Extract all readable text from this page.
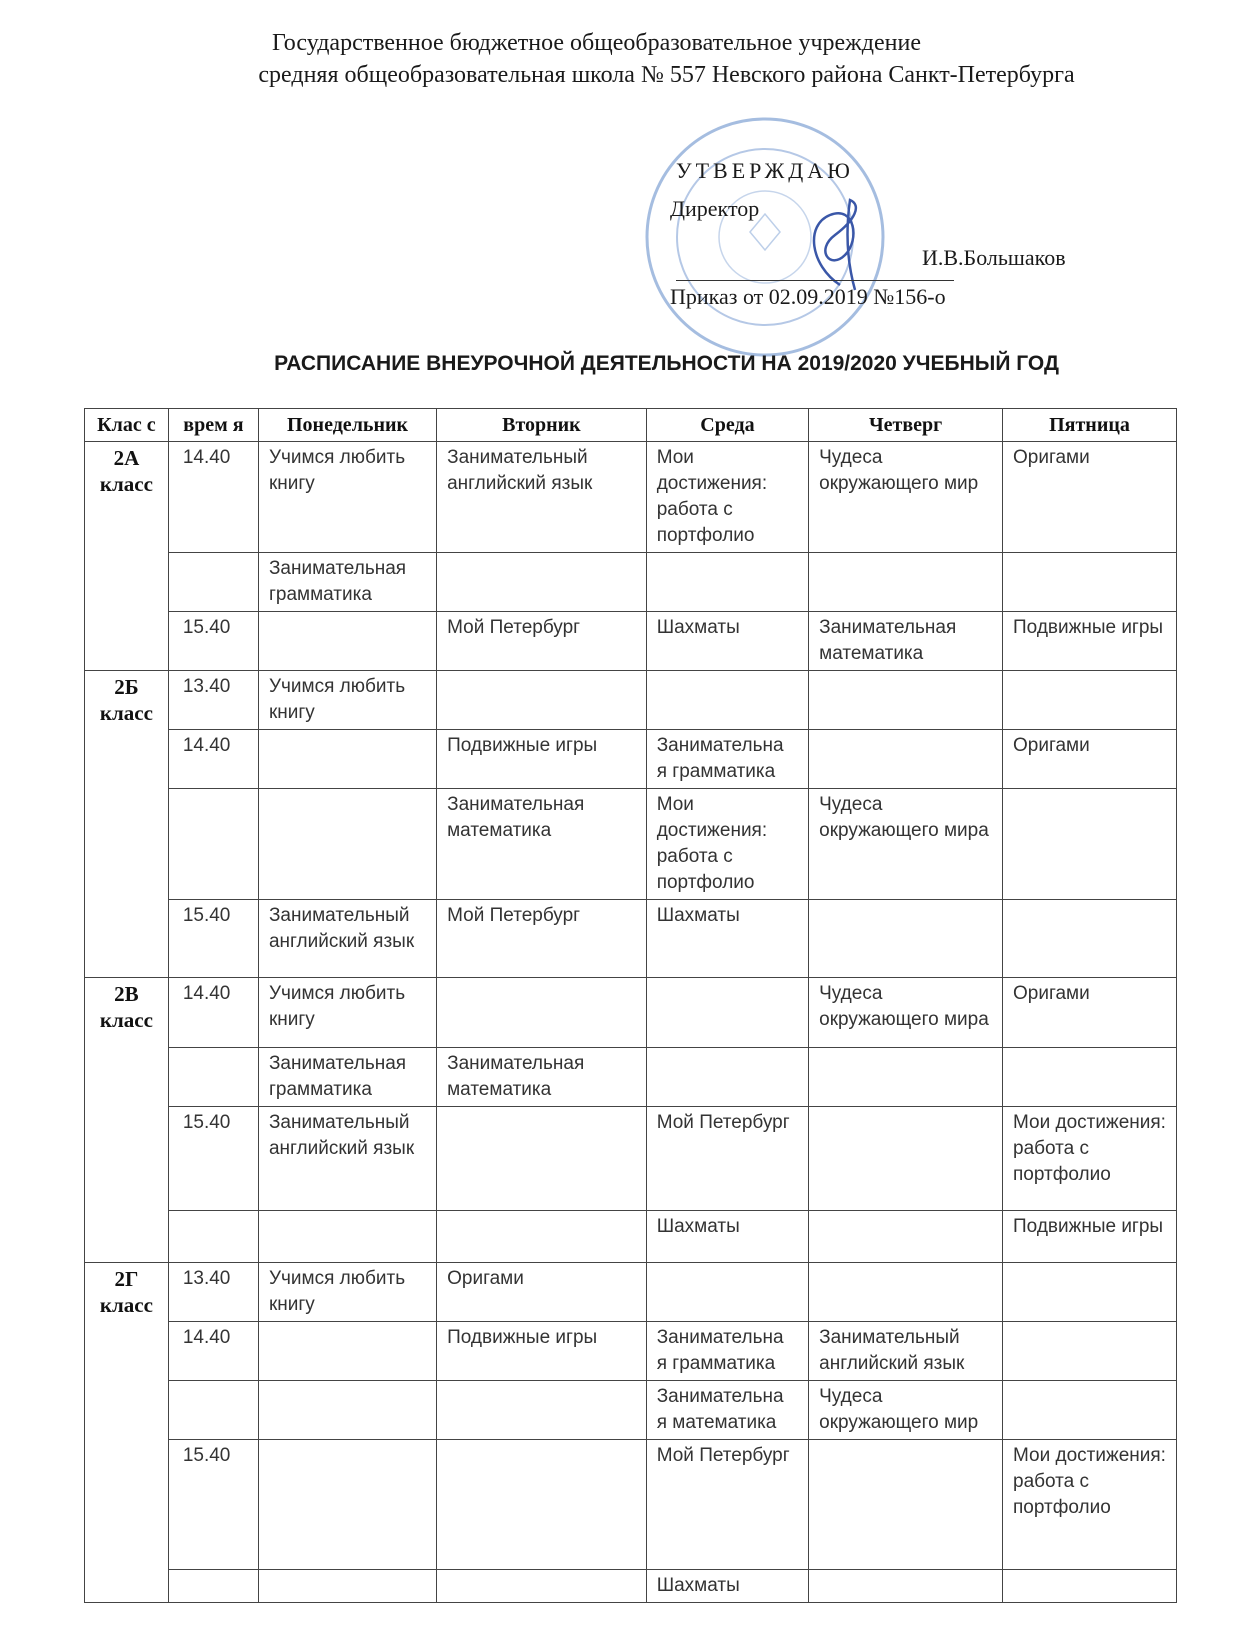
Государственное бюджетное общеобразовательное учреждение
средняя общеобразовательная школа № 557 Невского района Санкт-Петербурга
УТВЕРЖДАЮ
Директор
И.В.Большаков
Приказ от 02.09.2019 №156-о
РАСПИСАНИЕ ВНЕУРОЧНОЙ ДЕЯТЕЛЬНОСТИ НА 2019/2020 УЧЕБНЫЙ ГОД
Клас с	врем я	Понедельник	Вторник	Среда	Четверг	Пятница
2А класс	14.40	Учимся любить книгу	Занимательный английский язык	Мои достижения: работа с портфолио	Чудеса окружающего мир	Оригами
		Занимательная грамматика				
	15.40		Мой Петербург	Шахматы	Занимательная математика	Подвижные игры
2Б класс	13.40	Учимся любить книгу				
	14.40		Подвижные игры	Занимательна я грамматика		Оригами
			Занимательная математика	Мои достижения: работа с портфолио	Чудеса окружающего мира	
	15.40	Занимательный английский язык	Мой Петербург	Шахматы		
2В класс	14.40	Учимся любить книгу			Чудеса окружающего мира	Оригами
		Занимательная грамматика	Занимательная математика			
	15.40	Занимательный английский язык		Мой Петербург		Мои достижения: работа с портфолио
				Шахматы		Подвижные игры
2Г класс	13.40	Учимся любить книгу	Оригами			
	14.40		Подвижные игры	Занимательна я грамматика	Занимательный английский язык	
				Занимательна я математика	Чудеса окружающего мир	
	15.40			Мой Петербург		Мои достижения: работа с портфолио
				Шахматы		
